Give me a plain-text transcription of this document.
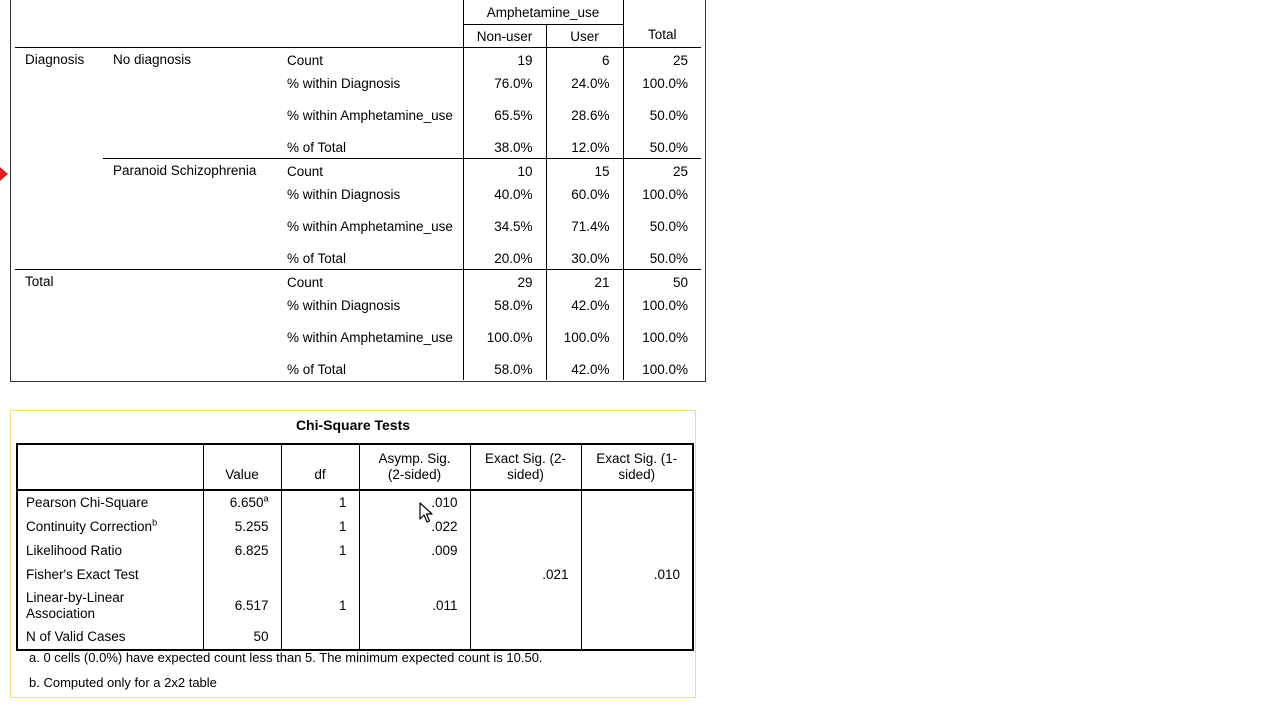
			Amphetamine_use		Total
			Non-user	User	
Diagnosis	No diagnosis	Count	19	6	25
		% within Diagnosis	76.0%	24.0%	100.0%
		% within Amphetamine_use	65.5%	28.6%	50.0%
		% of Total	38.0%	12.0%	50.0%
	Paranoid Schizophrenia	Count	10	15	25
		% within Diagnosis	40.0%	60.0%	100.0%
		% within Amphetamine_use	34.5%	71.4%	50.0%
		% of Total	20.0%	30.0%	50.0%
Total		Count	29	21	50
		% within Diagnosis	58.0%	42.0%	100.0%
		% within Amphetamine_use	100.0%	100.0%	100.0%
		% of Total	58.0%	42.0%	100.0%
Chi-Square Tests
	Value	df	Asymp. Sig. (2-sided)	Exact Sig. (2-sided)	Exact Sig. (1-sided)
Pearson Chi-Square	6.650$^a$	1	.010		
Continuity Correction$^b$	5.255	1	.022		
Likelihood Ratio	6.825	1	.009		
Fisher's Exact Test				.021	.010
Linear-by-Linear Association	6.517	1	.011		
N of Valid Cases	50				
a. 0 cells (0.0%) have expected count less than 5. The minimum expected count is 10.50.
b. Computed only for a 2x2 table
